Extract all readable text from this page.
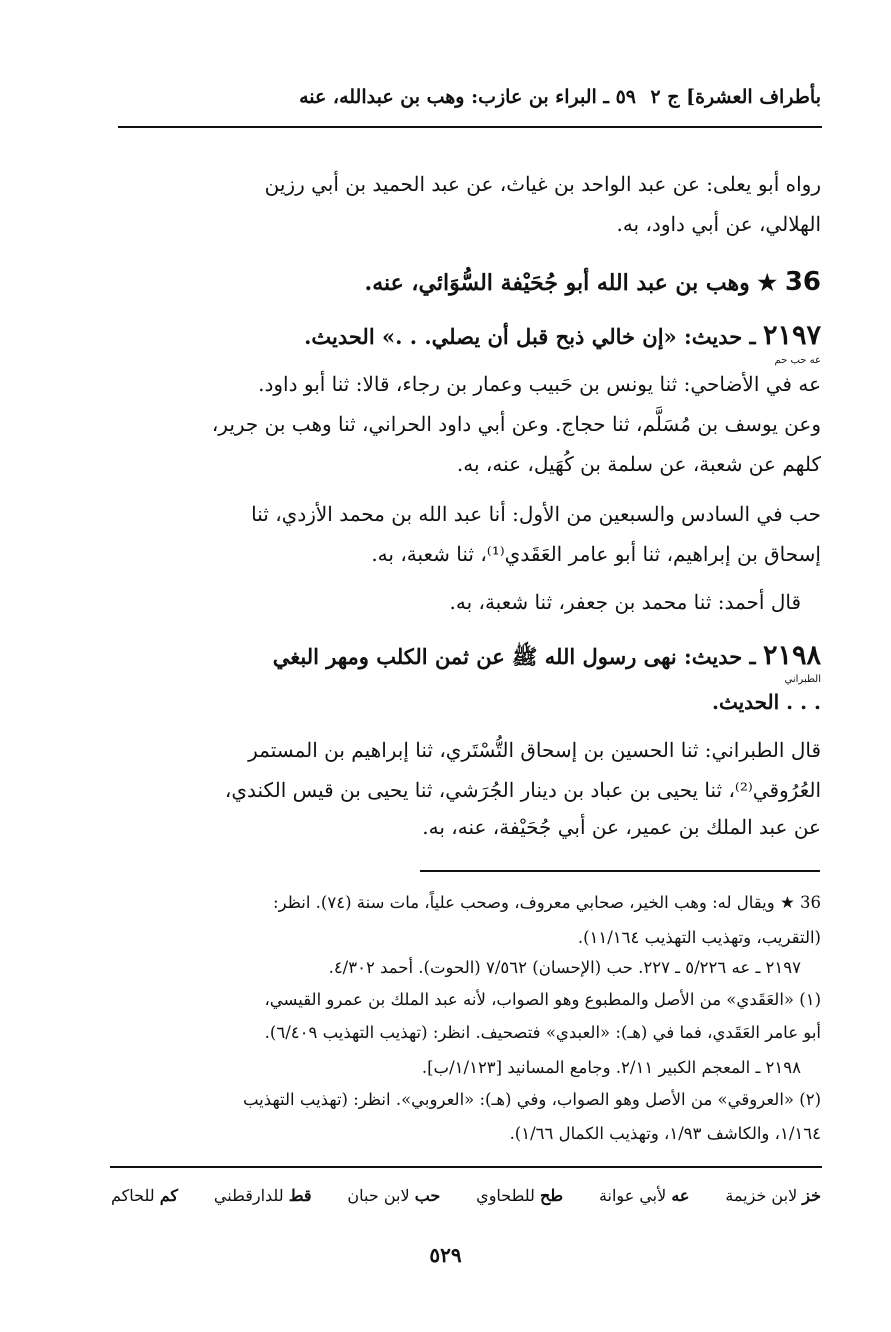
بأطراف العشرة] ج ٢
٥٩ ـ البراء بن عازب: وهب بن عبدالله، عنه
رواه أبو يعلى: عن عبد الواحد بن غياث، عن عبد الحميد بن أبي رزين
الهلالي، عن أبي داود، به.
36 ★ وهب بن عبد الله أبو جُحَيْفة السُّوَائي، عنه.
٢١٩٧ ـ حديث: «إن خالي ذبح قبل أن يصلي. . .» الحديث.
عه حب حم
عه في الأضاحي: ثنا يونس بن حَبيب وعمار بن رجاء، قالا: ثنا أبو داود.
وعن يوسف بن مُسَلَّم، ثنا حجاج. وعن أبي داود الحراني، ثنا وهب بن جرير،
كلهم عن شعبة، عن سلمة بن كُهَيل، عنه، به.
حب في السادس والسبعين من الأول: أنا عبد الله بن محمد الأزدي، ثنا
إسحاق بن إبراهيم، ثنا أبو عامر العَقَدي⁽¹⁾، ثنا شعبة، به.
قال أحمد: ثنا محمد بن جعفر، ثنا شعبة، به.
٢١٩٨ ـ حديث: نهى رسول الله ﷺ عن ثمن الكلب ومهر البغي
الطبراني
. . . الحديث.
قال الطبراني: ثنا الحسين بن إسحاق التُّسْتَري، ثنا إبراهيم بن المستمر
العُرُوقي⁽²⁾، ثنا يحيى بن عباد بن دينار الجُرَشي، ثنا يحيى بن قيس الكندي،
عن عبد الملك بن عمير، عن أبي جُحَيْفة، عنه، به.
36 ★ ويقال له: وهب الخير، صحابي معروف، وصحب علياً، مات سنة (٧٤). انظر:
(التقريب، وتهذيب التهذيب ١١/١٦٤).
٢١٩٧ ـ عه ٥/٢٢٦ ـ ٢٢٧. حب (الإحسان) ٧/٥٦٢ (الحوت). أحمد ٤/٣٠٢.
(١) «العَقَدي» من الأصل والمطبوع وهو الصواب، لأنه عبد الملك بن عمرو القيسي،
أبو عامر العَقَدي، فما في (هـ): «العبدي» فتصحيف. انظر: (تهذيب التهذيب ٦/٤٠٩).
٢١٩٨ ـ المعجم الكبير ٢/١١. وجامع المسانيد [١/١٢٣/ب].
(٢) «العروقي» من الأصل وهو الصواب، وفي (هـ): «العروبي». انظر: (تهذيب التهذيب
١/١٦٤، والكاشف ١/٩٣، وتهذيب الكمال ١/٦٦).
خز لابن خزيمة
عه لأبي عوانة
طح للطحاوي
حب لابن حبان
قط للدارقطني
كم للحاكم
٥٢٩
